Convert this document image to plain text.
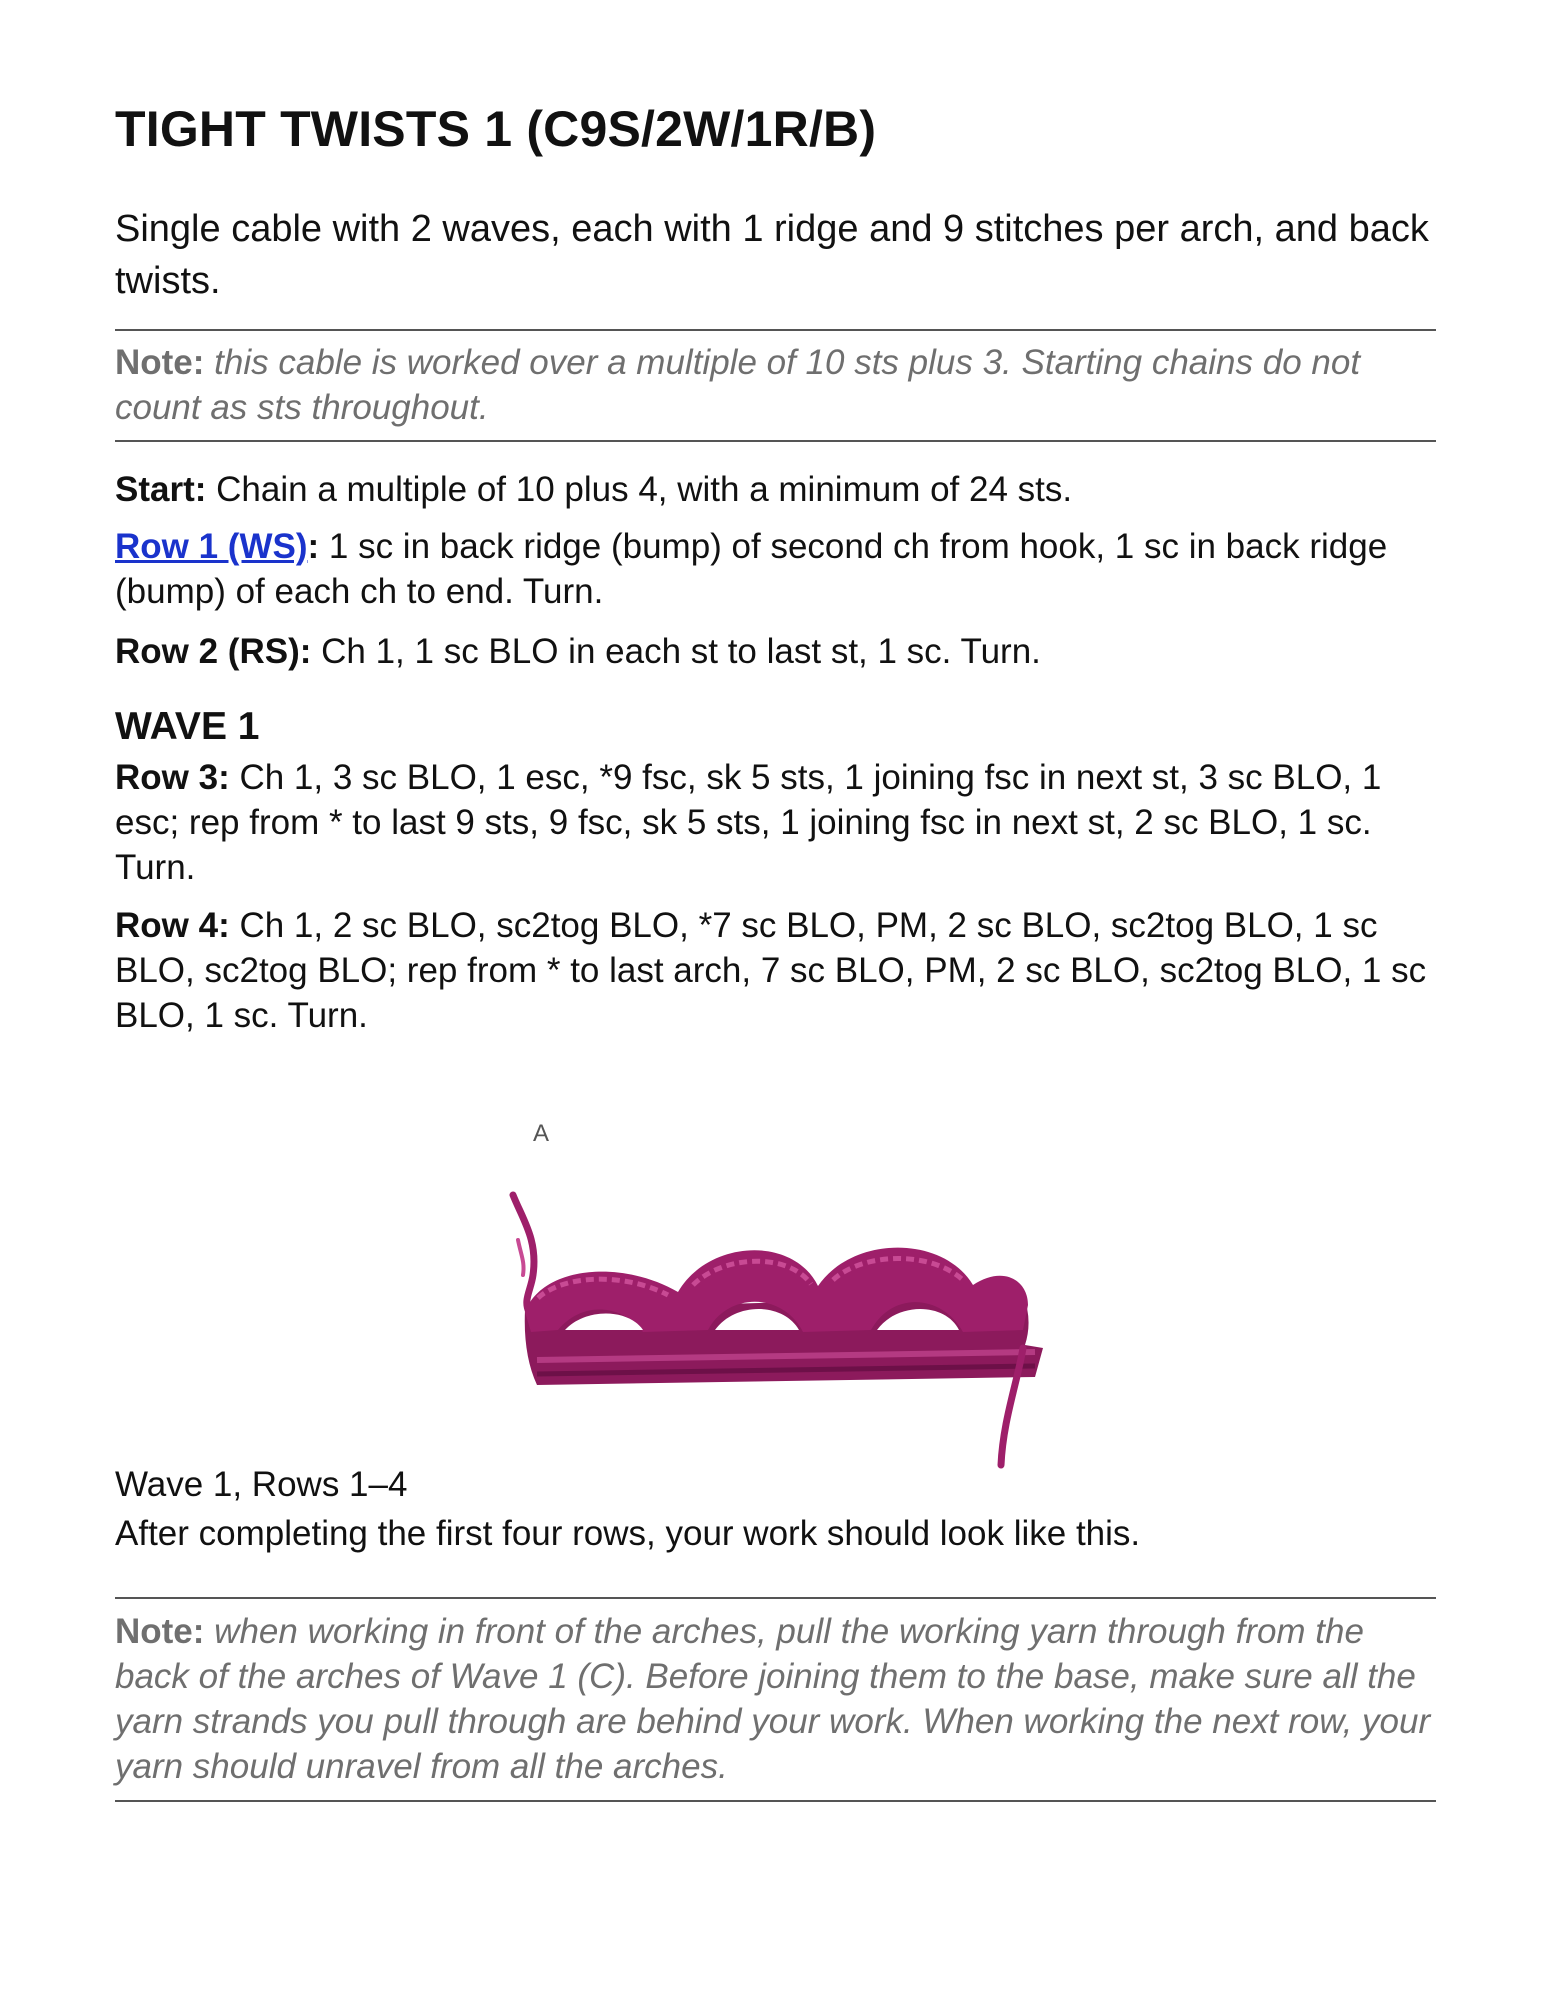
TIGHT TWISTS 1 (C9S/2W/1R/B)

Single cable with 2 waves, each with 1 ridge and 9 stitches per arch, and back twists.

Note: this cable is worked over a multiple of 10 sts plus 3. Starting chains do not count as sts throughout.

Start: Chain a multiple of 10 plus 4, with a minimum of 24 sts.

Row 1 (WS): 1 sc in back ridge (bump) of second ch from hook, 1 sc in back ridge (bump) of each ch to end. Turn.

Row 2 (RS): Ch 1, 1 sc BLO in each st to last st, 1 sc. Turn.

WAVE 1

Row 3: Ch 1, 3 sc BLO, 1 esc, *9 fsc, sk 5 sts, 1 joining fsc in next st, 3 sc BLO, 1 esc; rep from * to last 9 sts, 9 fsc, sk 5 sts, 1 joining fsc in next st, 2 sc BLO, 1 sc. Turn.

Row 4: Ch 1, 2 sc BLO, sc2tog BLO, *7 sc BLO, PM, 2 sc BLO, sc2tog BLO, 1 sc BLO, sc2tog BLO; rep from * to last arch, 7 sc BLO, PM, 2 sc BLO, sc2tog BLO, 1 sc BLO, 1 sc. Turn.

A
Wave 1, Rows 1–4
After completing the first four rows, your work should look like this.

Note: when working in front of the arches, pull the working yarn through from the back of the arches of Wave 1 (C). Before joining them to the base, make sure all the yarn strands you pull through are behind your work. When working the next row, your yarn should unravel from all the arches.
